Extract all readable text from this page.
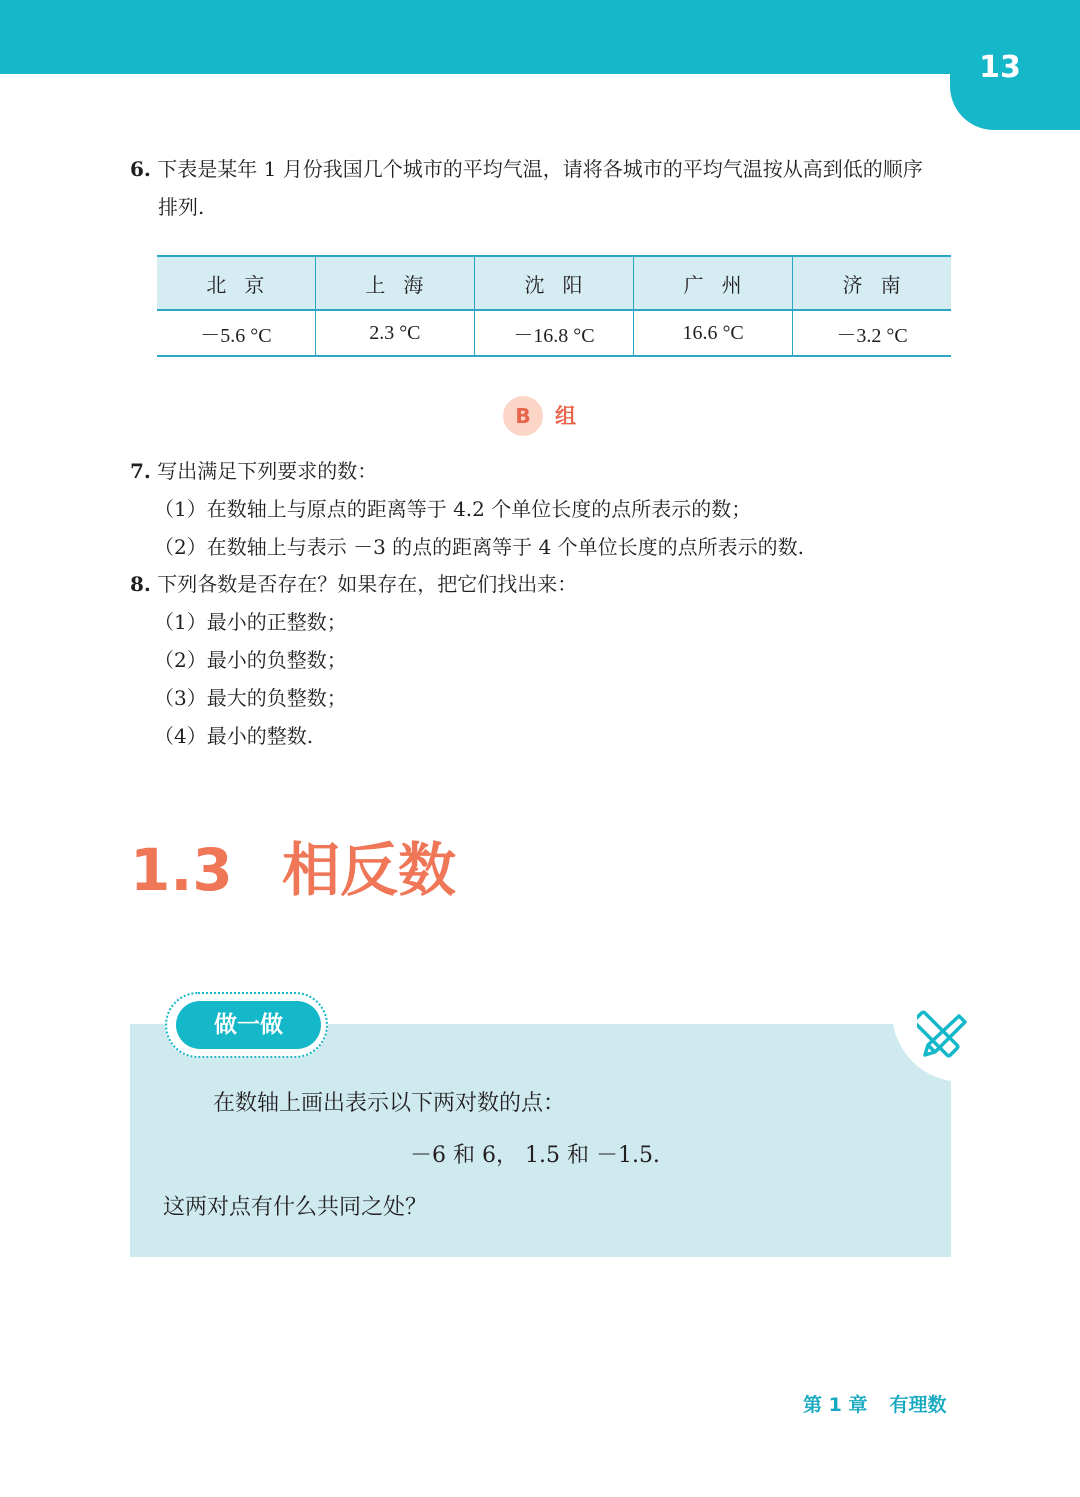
13
6. 下表是某年 1 月份我国几个城市的平均气温，请将各城市的平均气温按从高到低的顺序
排列.
北京	上海	沈阳	广州	济南
－5.6 °C	2.3 °C	－16.8 °C	16.6 °C	－3.2 °C
B	组
7. 写出满足下列要求的数：
（1）在数轴上与原点的距离等于 4.2 个单位长度的点所表示的数；
（2）在数轴上与表示 －3 的点的距离等于 4 个单位长度的点所表示的数.
8. 下列各数是否存在？如果存在，把它们找出来：
（1）最小的正整数；
（2）最小的负整数；
（3）最大的负整数；
（4）最小的整数.
1.3 相反数
做一做
在数轴上画出表示以下两对数的点：
－6 和 6， 1.5 和 －1.5.
这两对点有什么共同之处？
第 1 章 有理数
